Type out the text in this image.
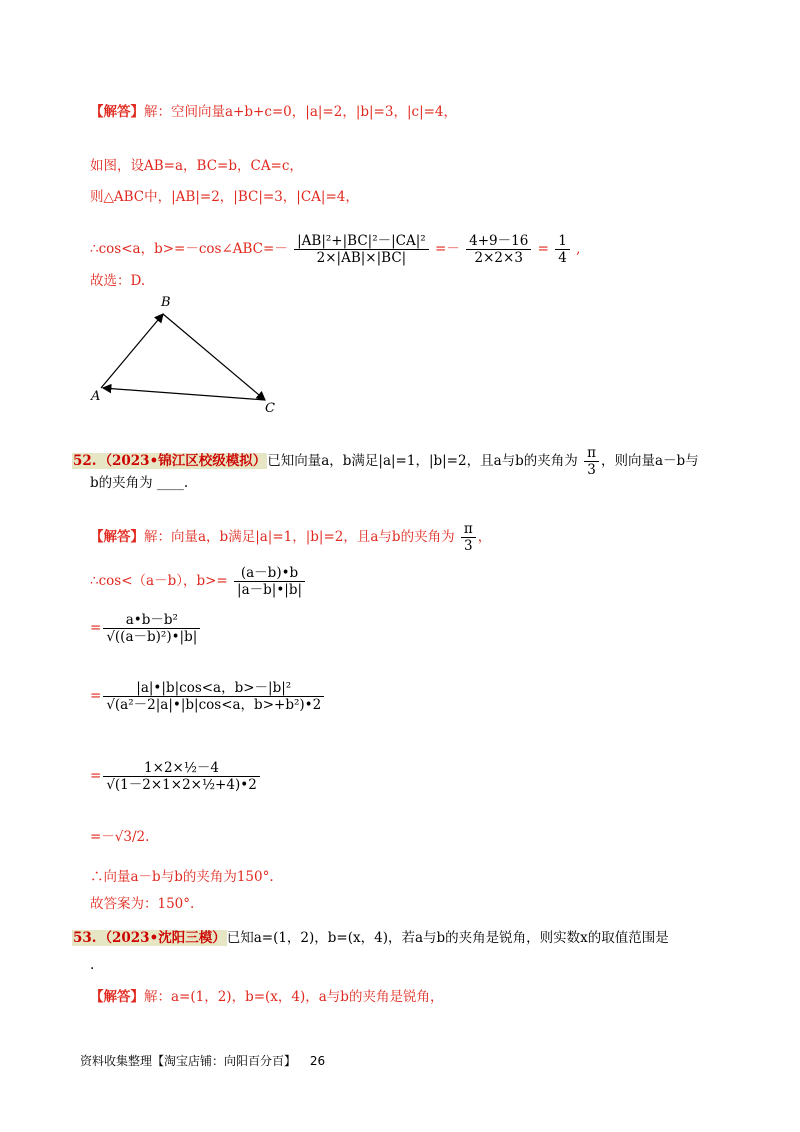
【解答】解：空间向量a+b+c=0，|a|=2，|b|=3，|c|=4，
如图，设AB=a，BC=b，CA=c，
则△ABC中，|AB|=2，|BC|=3，|CA|=4，
∴cos<a，b>=－cos∠ABC=－ $\frac{\text{|AB|²+|BC|²－|CA|²}}{2\times|AB|\times|BC|} =- \frac{4+9-16}{2\times 2\times 3} = \frac{1}{4}$ ,
故选：D.
B
A
C
52. （2023•锦江区校级模拟）已知向量a，b满足|a|=1，|b|=2，且a与b的夹角为 $\frac{\pi}{3}$ ，则向量a－b与
b的夹角为 ____.
【解答】解：向量a，b满足|a|=1，|b|=2，且a与b的夹角为 $\frac{\pi}{3}$ ，
∴cos<（a－b），$b>= \frac{(a-b)•b}{|a-b|•|b|}$
= $\frac{\text{a•b－b²}}{\text{√((a－b)²)•|b|}}$
= $\frac{\text{|a|•|b|cos<a，b>－|b|²}}{\text{√(a²－2|a|•|b|cos<a，b>+b²)•2}}$
= $\frac{\text{1×2×½－4}}{\text{√(1－2×1×2×½+4)•2}}$
=－√3/2.
∴向量a－b与b的夹角为150°.
故答案为：150°.
53. （2023•沈阳三模）已知a=(1，2)，b=(x，4)，若a与b的夹角是锐角，则实数x的取值范围是
.
【解答】解：a=(1，2)，b=(x，4)，a与b的夹角是锐角，
资料收集整理【淘宝店铺：向阳百分百】 26
